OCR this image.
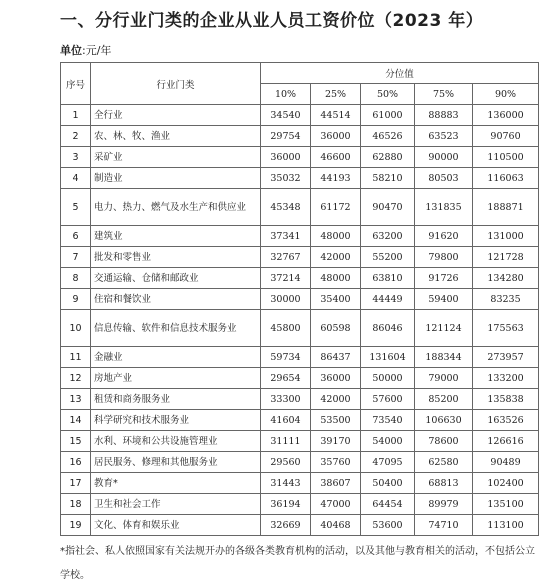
一、分行业门类的企业从业人员工资价位（2023 年）
单位:元/年
序号	行业门类	分位值				
		10%	25%	50%	75%	90%
1	全行业	34540	44514	61000	88883	136000
2	农、林、牧、渔业	29754	36000	46526	63523	90760
3	采矿业	36000	46600	62880	90000	110500
4	制造业	35032	44193	58210	80503	116063
5	电力、热力、燃气及水生产和供应业	45348	61172	90470	131835	188871
6	建筑业	37341	48000	63200	91620	131000
7	批发和零售业	32767	42000	55200	79800	121728
8	交通运输、仓储和邮政业	37214	48000	63810	91726	134280
9	住宿和餐饮业	30000	35400	44449	59400	83235
10	信息传输、软件和信息技术服务业	45800	60598	86046	121124	175563
11	金融业	59734	86437	131604	188344	273957
12	房地产业	29654	36000	50000	79000	133200
13	租赁和商务服务业	33300	42000	57600	85200	135838
14	科学研究和技术服务业	41604	53500	73540	106630	163526
15	水利、环境和公共设施管理业	31111	39170	54000	78600	126616
16	居民服务、修理和其他服务业	29560	35760	47095	62580	90489
17	教育*	31443	38607	50400	68813	102400
18	卫生和社会工作	36194	47000	64454	89979	135100
19	文化、体育和娱乐业	32669	40468	53600	74710	113100
*指社会、私人依照国家有关法规开办的各级各类教育机构的活动，以及其他与教育相关的活动，不包括公立学校。
